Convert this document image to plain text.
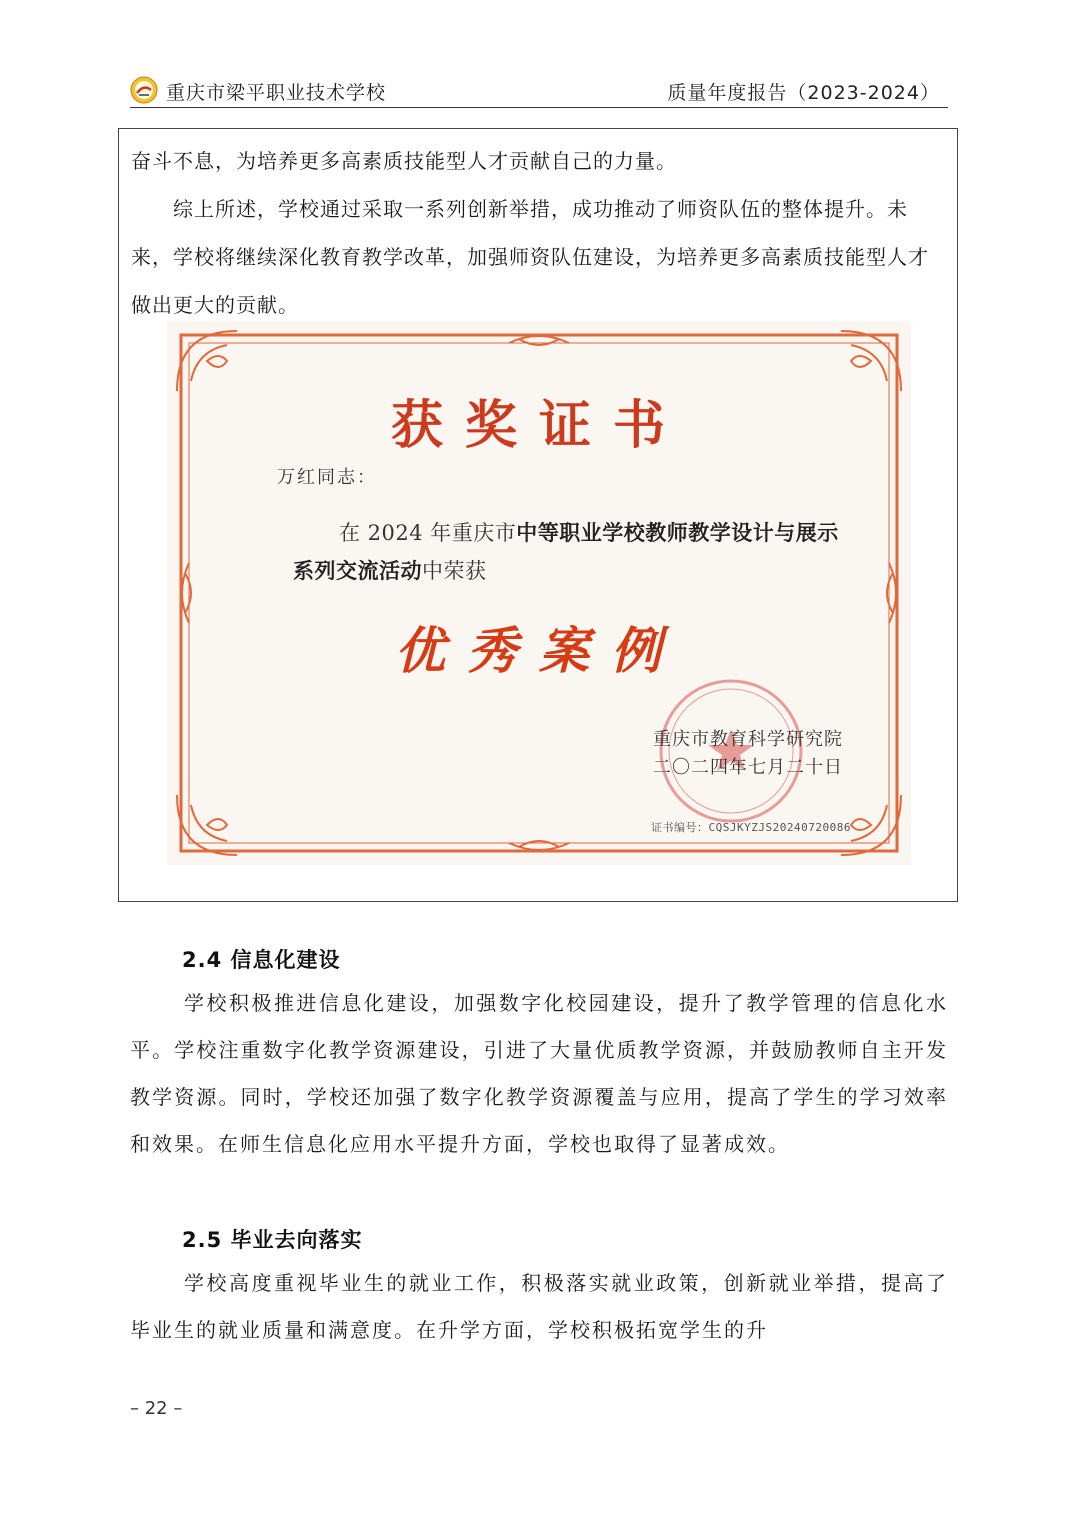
重庆市梁平职业技术学校	质量年度报告（2023-2024）

奋斗不息，为培养更多高素质技能型人才贡献自己的力量。

综上所述，学校通过采取一系列创新举措，成功推动了师资队伍的整体提升。未来，学校将继续深化教育教学改革，加强师资队伍建设，为培养更多高素质技能型人才做出更大的贡献。

获奖证书
万红同志：
在 2024 年重庆市中等职业学校教师教学设计与展示
系列交流活动中荣获
优秀案例
重庆市教育科学研究院
二〇二四年七月二十日
证书编号：CQSJKYZJS20240720086
2.4 信息化建设

学校积极推进信息化建设，加强数字化校园建设，提升了教学管理的信息化水平。学校注重数字化教学资源建设，引进了大量优质教学资源，并鼓励教师自主开发教学资源。同时，学校还加强了数字化教学资源覆盖与应用，提高了学生的学习效率和效果。在师生信息化应用水平提升方面，学校也取得了显著成效。

2.5 毕业去向落实

学校高度重视毕业生的就业工作，积极落实就业政策，创新就业举措，提高了毕业生的就业质量和满意度。在升学方面，学校积极拓宽学生的升

– 22 –
